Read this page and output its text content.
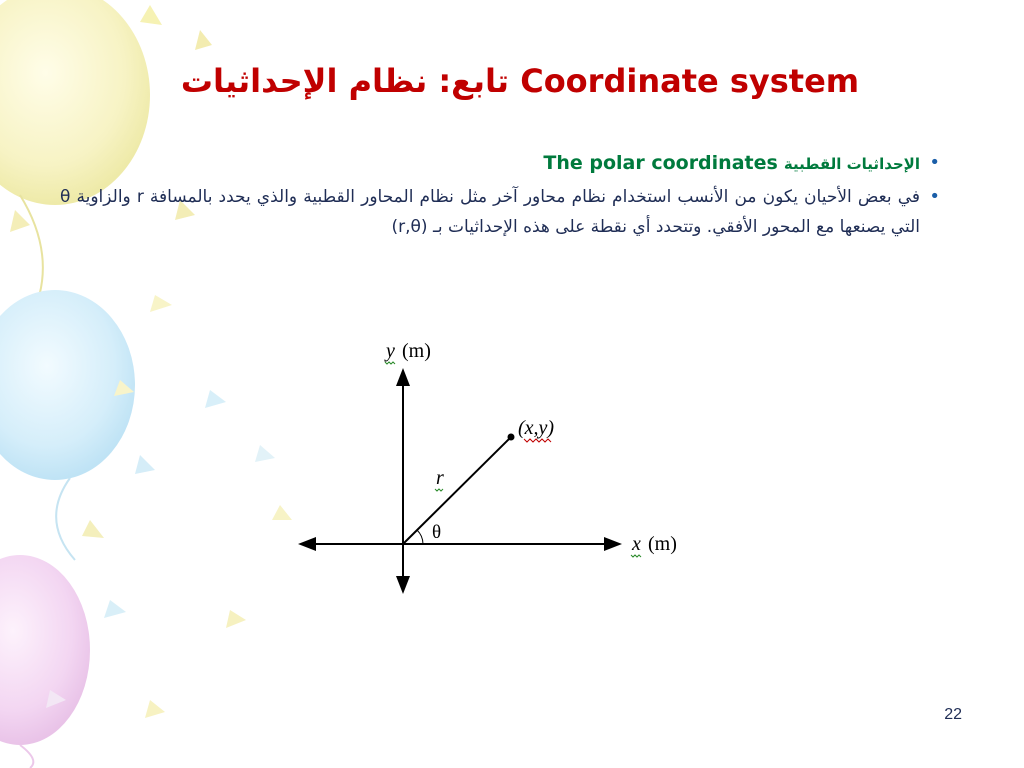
تابع: نظام الإحداثيات Coordinate system
•
الإحداثيات القطبية The polar coordinates
•
في بعض الأحيان يكون من الأنسب استخدام نظام محاور آخر مثل نظام المحاور القطبية والذي يحدد بالمسافة r والزاوية θ التي يصنعها مع المحور الأفقي. وتتحدد أي نقطة على هذه الإحداثيات بـ (r,θ)
y (m)
x (m)
(x,y)
r
θ
22
